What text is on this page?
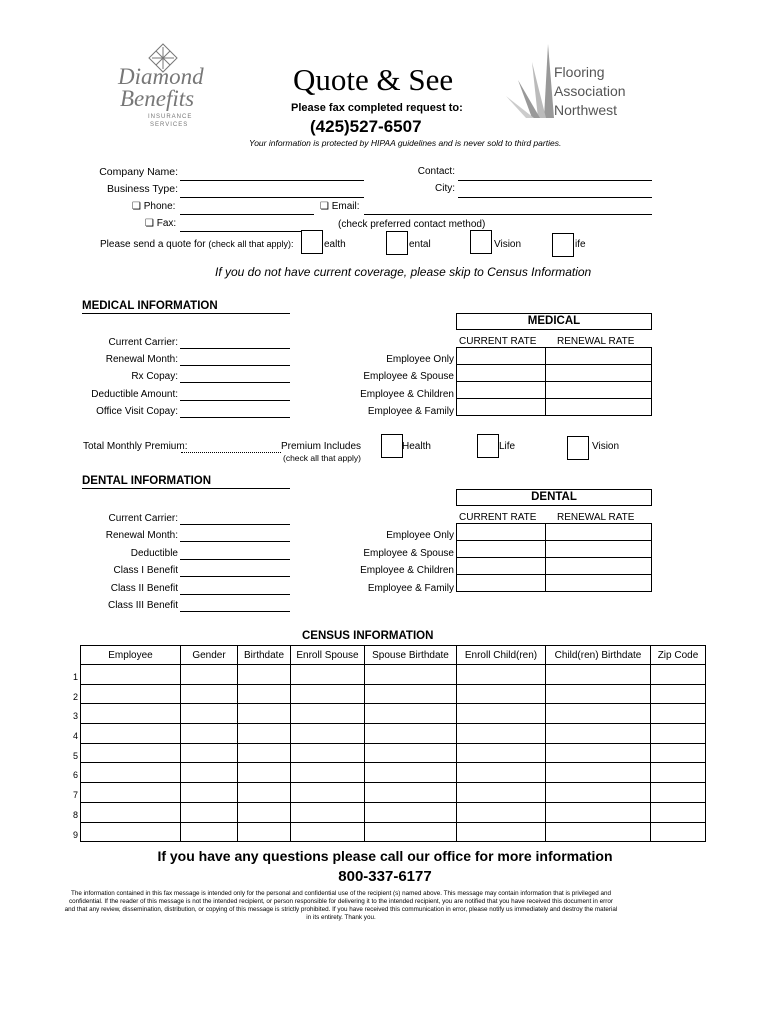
Diamond
Benefits
INSURANCE
SERVICES
Quote & See
Please fax completed request to:
(425)527-6507
Your information is protected by HIPAA guidelines and is never sold to third parties.
Flooring
Association
Northwest
Company Name:
Business Type:
❏ Phone:
❏ Fax:
Contact:
City:
❏ Email:
(check preferred contact method)
Please send a quote for (check all that apply):	ealth	ental	Vision	ife
If you do not have current coverage, please skip to Census Information
MEDICAL INFORMATION
Current Carrier:
Renewal Month:
Rx Copay:
Deductible Amount:
Office Visit Copay:
MEDICAL
CURRENT RATE RENEWAL RATE

Employee Only
Employee & Spouse
Employee & Children
Employee & Family
Total Monthly Premium:	Premium Includes
(check all that apply)
Health	Life	Vision
DENTAL INFORMATION
Current Carrier:
Renewal Month:
Deductible
Class I Benefit
Class II Benefit
Class III Benefit
DENTAL
CURRENT RATE RENEWAL RATE

Employee Only
Employee & Spouse
Employee & Children
Employee & Family
CENSUS INFORMATION
Employee	Gender	Birthdate	Enroll Spouse	Spouse Birthdate	Enroll Child(ren)	Child(ren) Birthdate	Zip Code

1
2
3
4
5
6
7
8
9
If you have any questions please call our office for more information
800-337-6177
The information contained in this fax message is intended only for the personal and confidential use of the recipient (s) named above. This message may contain information that is privileged and confidential. If the reader of this message is not the intended recipient, or person responsible for delivering it to the intended recipient, you are notified that you have received this document in error and that any review, dissemination, distribution, or copying of this message is strictly prohibited. If you have received this communication in error, please notify us immediately and destroy the material in its entirety. Thank you.
